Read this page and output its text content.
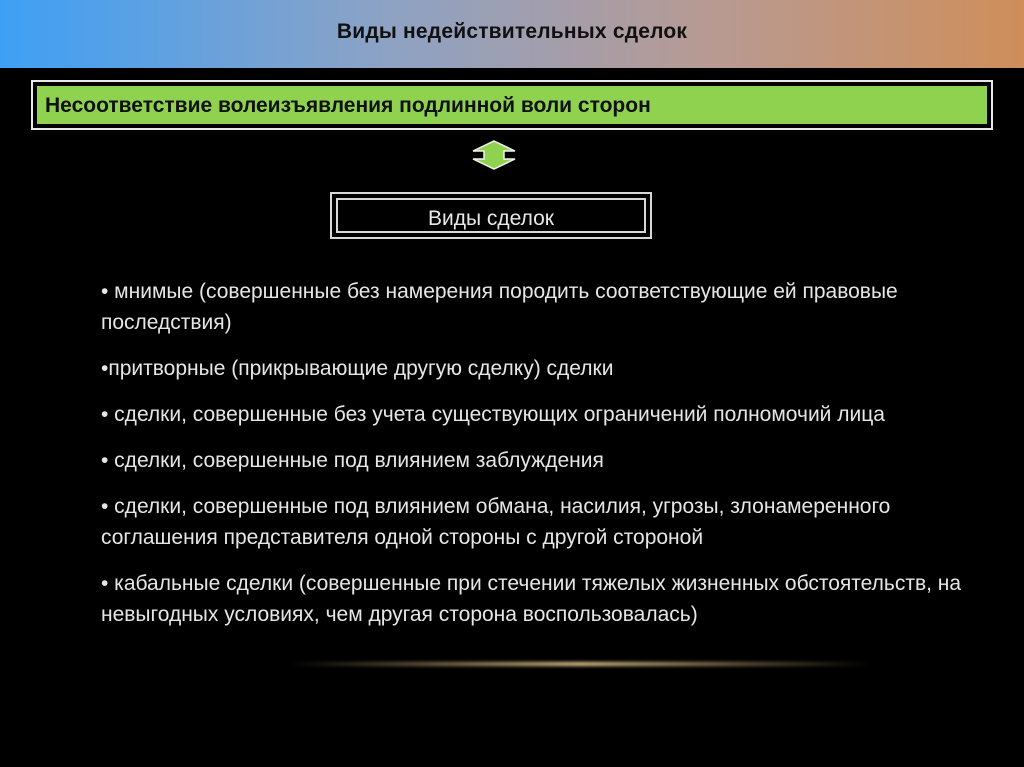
Виды недействительных сделок
Несоответствие волеизъявления подлинной воли сторон
Виды сделок
• мнимые (совершенные без намерения породить соответствующие ей правовые последствия)
•притворные (прикрывающие другую сделку) сделки
• сделки, совершенные без учета существующих ограничений полномочий лица
• сделки, совершенные под влиянием заблуждения
• сделки, совершенные под влиянием обмана, насилия, угрозы, злонамеренного соглашения представителя одной стороны с другой стороной
• кабальные сделки (совершенные при стечении тяжелых жизненных обстоятельств, на невыгодных условиях, чем другая сторона воспользовалась)
